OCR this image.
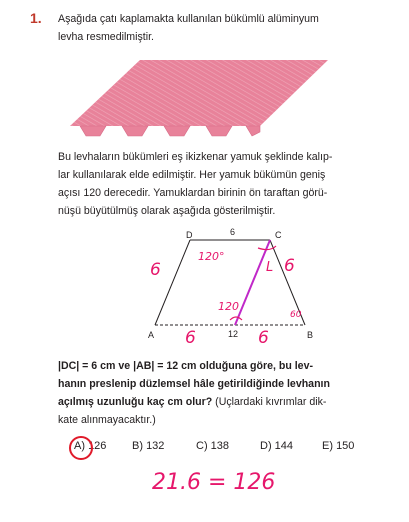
1. Aşağıda çatı kaplamakta kullanılan bükümlü alüminyum
levha resmedilmiştir.
Bu levhaların bükümleri eş ikizkenar yamuk şeklinde kalıp-
lar kullanılarak elde edilmiştir. Her yamuk bükümün geniş
açısı 120 derecedir. Yamuklardan birinin ön taraftan görü-
nüşü büyütülmüş olarak aşağıda gösterilmiştir.
D	C
A	B
6
12
6
120°
L 6
120
60
6	6
|DC| = 6 cm ve |AB| = 12 cm olduğuna göre, bu lev-
hanın preslenip düzlemsel hâle getirildiğinde levhanın
açılmış uzunluğu kaç cm olur? (Uçlardaki kıvrımlar dik-
kate alınmayacaktır.)
A) 126 B) 132	C) 138	D) 144	E) 150
21.6 = 126
